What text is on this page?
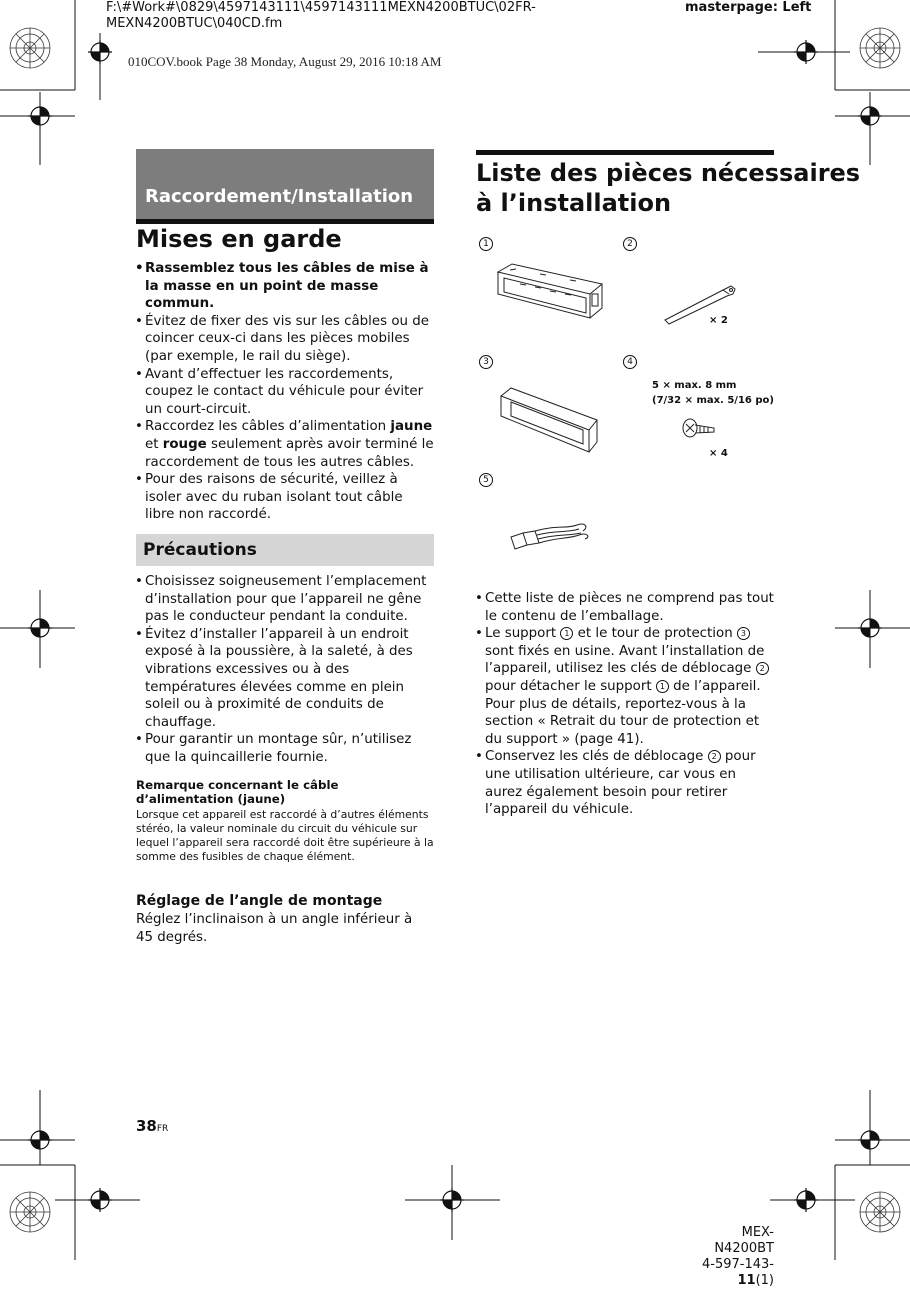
F:\#Work#\0829\4597143111\4597143111MEXN4200BTUC\02FR-
MEXN4200BTUC\040CD.fm
masterpage: Left
010COV.book Page 38 Monday, August 29, 2016 10:18 AM
Raccordement/Installation
Mises en garde
• Rassemblez tous les câbles de mise à la masse en un point de masse commun.
• Évitez de fixer des vis sur les câbles ou de coincer ceux-ci dans les pièces mobiles (par exemple, le rail du siège).
• Avant d’effectuer les raccordements, coupez le contact du véhicule pour éviter un court-circuit.
• Raccordez les câbles d’alimentation jaune et rouge seulement après avoir terminé le raccordement de tous les autres câbles.
• Pour des raisons de sécurité, veillez à isoler avec du ruban isolant tout câble libre non raccordé.
Précautions
• Choisissez soigneusement l’emplacement d’installation pour que l’appareil ne gêne pas le conducteur pendant la conduite.
• Évitez d’installer l’appareil à un endroit exposé à la poussière, à la saleté, à des vibrations excessives ou à des températures élevées comme en plein soleil ou à proximité de conduits de chauffage.
• Pour garantir un montage sûr, n’utilisez que la quincaillerie fournie.
Remarque concernant le câble d’alimentation (jaune)
Lorsque cet appareil est raccordé à d’autres éléments stéréo, la valeur nominale du circuit du véhicule sur lequel l’appareil sera raccordé doit être supérieure à la somme des fusibles de chaque élément.
Réglage de l’angle de montage
Réglez l’inclinaison à un angle inférieur à 45 degrés.
Liste des pièces nécessaires
à l’installation
1	2
3	4
5
× 2
5 × max. 8 mm
(7/32 × max. 5/16 po)
× 4
• Cette liste de pièces ne comprend pas tout le contenu de l’emballage.
• Le support 1 et le tour de protection 3 sont fixés en usine. Avant l’installation de l’appareil, utilisez les clés de déblocage 2 pour détacher le support 1 de l’appareil. Pour plus de détails, reportez-vous à la section « Retrait du tour de protection et du support » (page 41).
• Conservez les clés de déblocage 2 pour une utilisation ultérieure, car vous en aurez également besoin pour retirer l’appareil du véhicule.
38FR
MEX-N4200BT
4-597-143-11(1)
